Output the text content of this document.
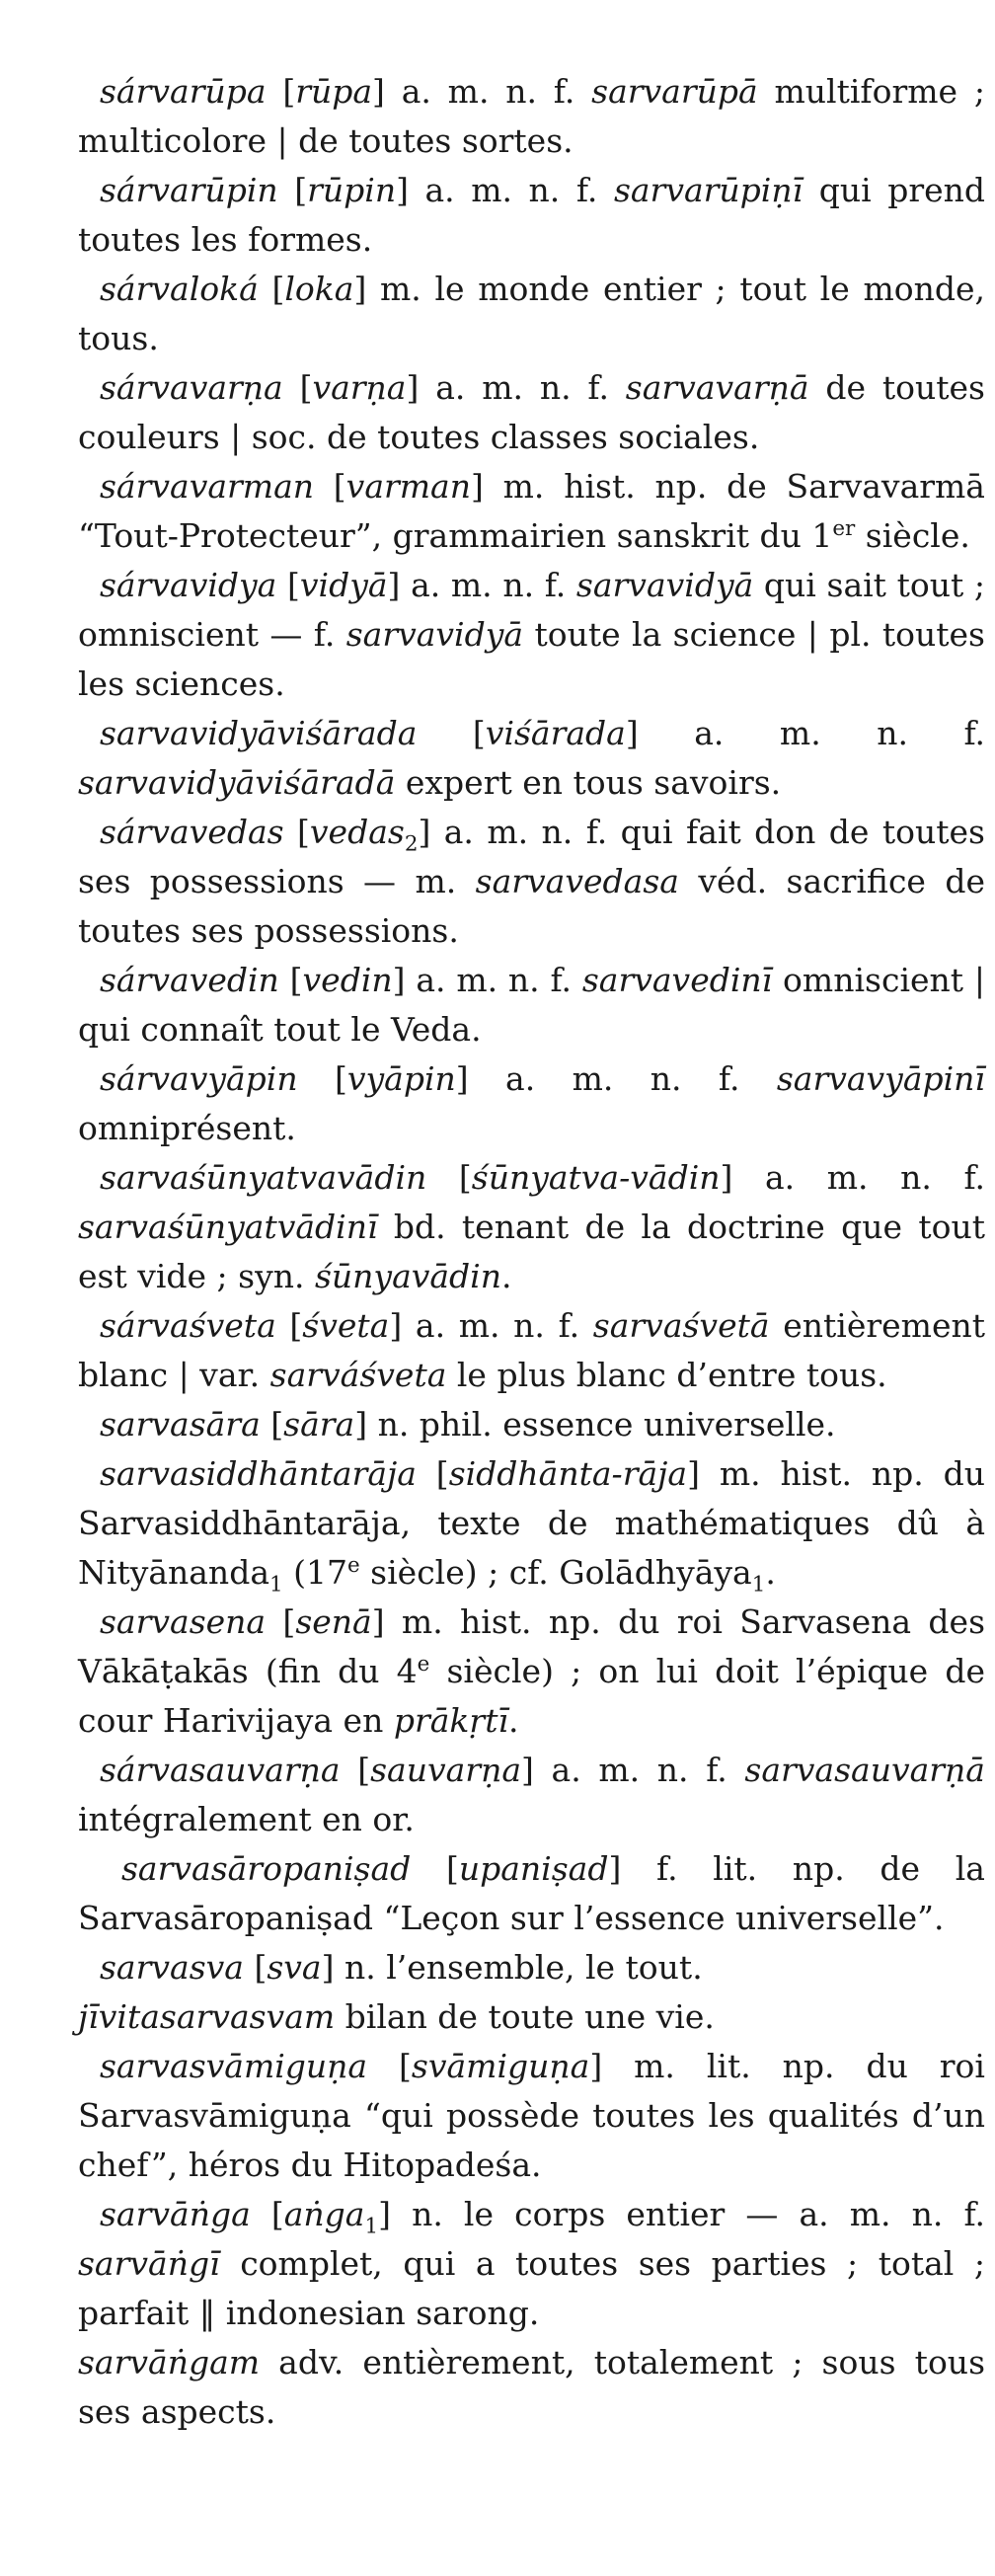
sárvarūpa [rūpa] a. m. n. f. sarvarūpā multiforme ; multicolore | de toutes sortes.

sárvarūpin [rūpin] a. m. n. f. sarvarūpiṇī qui prend toutes les formes.

sárvaloká [loka] m. le monde entier ; tout le monde, tous.

sárvavarṇa [varṇa] a. m. n. f. sarvavarṇā de toutes couleurs | soc. de toutes classes sociales.

sárvavarman [varman] m. hist. np. de Sarvavarmā “Tout-Protecteur”, grammairien sanskrit du 1er siècle.

sárvavidya [vidyā] a. m. n. f. sarvavidyā qui sait tout ; omniscient — f. sarvavidyā toute la science | pl. toutes les sciences.

sarvavidyāviśārada [viśārada] a. m. n. f. sarvavidyāviśāradā expert en tous savoirs.

sárvavedas [vedas$_2$] a. m. n. f. qui fait don de toutes ses possessions — m. sarvavedasa véd. sacrifice de toutes ses possessions.

sárvavedin [vedin] a. m. n. f. sarvavedinī omniscient | qui connaît tout le Veda.

sárvavyāpin [vyāpin] a. m. n. f. sarvavyāpinī omniprésent.

sarvaśūnyatvavādin [śūnyatva-vādin] a. m. n. f. sarvaśūnyatvādinī bd. tenant de la doctrine que tout est vide ; syn. śūnyavādin.

sárvaśveta [śveta] a. m. n. f. sarvaśvetā entièrement blanc | var. sarváśveta le plus blanc d’entre tous.

sarvasāra [sāra] n. phil. essence universelle.

sarvasiddhāntarāja [siddhānta-rāja] m. hist. np. du Sarvasiddhāntarāja, texte de mathématiques dû à Nityānanda$_1$ (17e siècle) ; cf. Golādhyāya$_1$.

sarvasena [senā] m. hist. np. du roi Sarvasena des Vākāṭakās (fin du 4e siècle) ; on lui doit l’épique de cour Harivijaya en prākṛtī.

sárvasauvarṇa [sauvarṇa] a. m. n. f. sarvasauvarṇā intégralement en or.

sarvasāropaniṣad [upaniṣad] f. lit. np. de la Sarvasāropaniṣad “Leçon sur l’essence universelle”.

sarvasva [sva] n. l’ensemble, le tout.

jīvitasarvasvam bilan de toute une vie.

sarvasvāmiguṇa [svāmiguṇa] m. lit. np. du roi Sarvasvāmiguṇa “qui possède toutes les qualités d’un chef”, héros du Hitopadeśa.

sarvāṅga [aṅga$_1$] n. le corps entier — a. m. n. f. sarvāṅgī complet, qui a toutes ses parties ; total ; parfait ‖ indonesian sarong.

sarvāṅgam adv. entièrement, totalement ; sous tous ses aspects.
